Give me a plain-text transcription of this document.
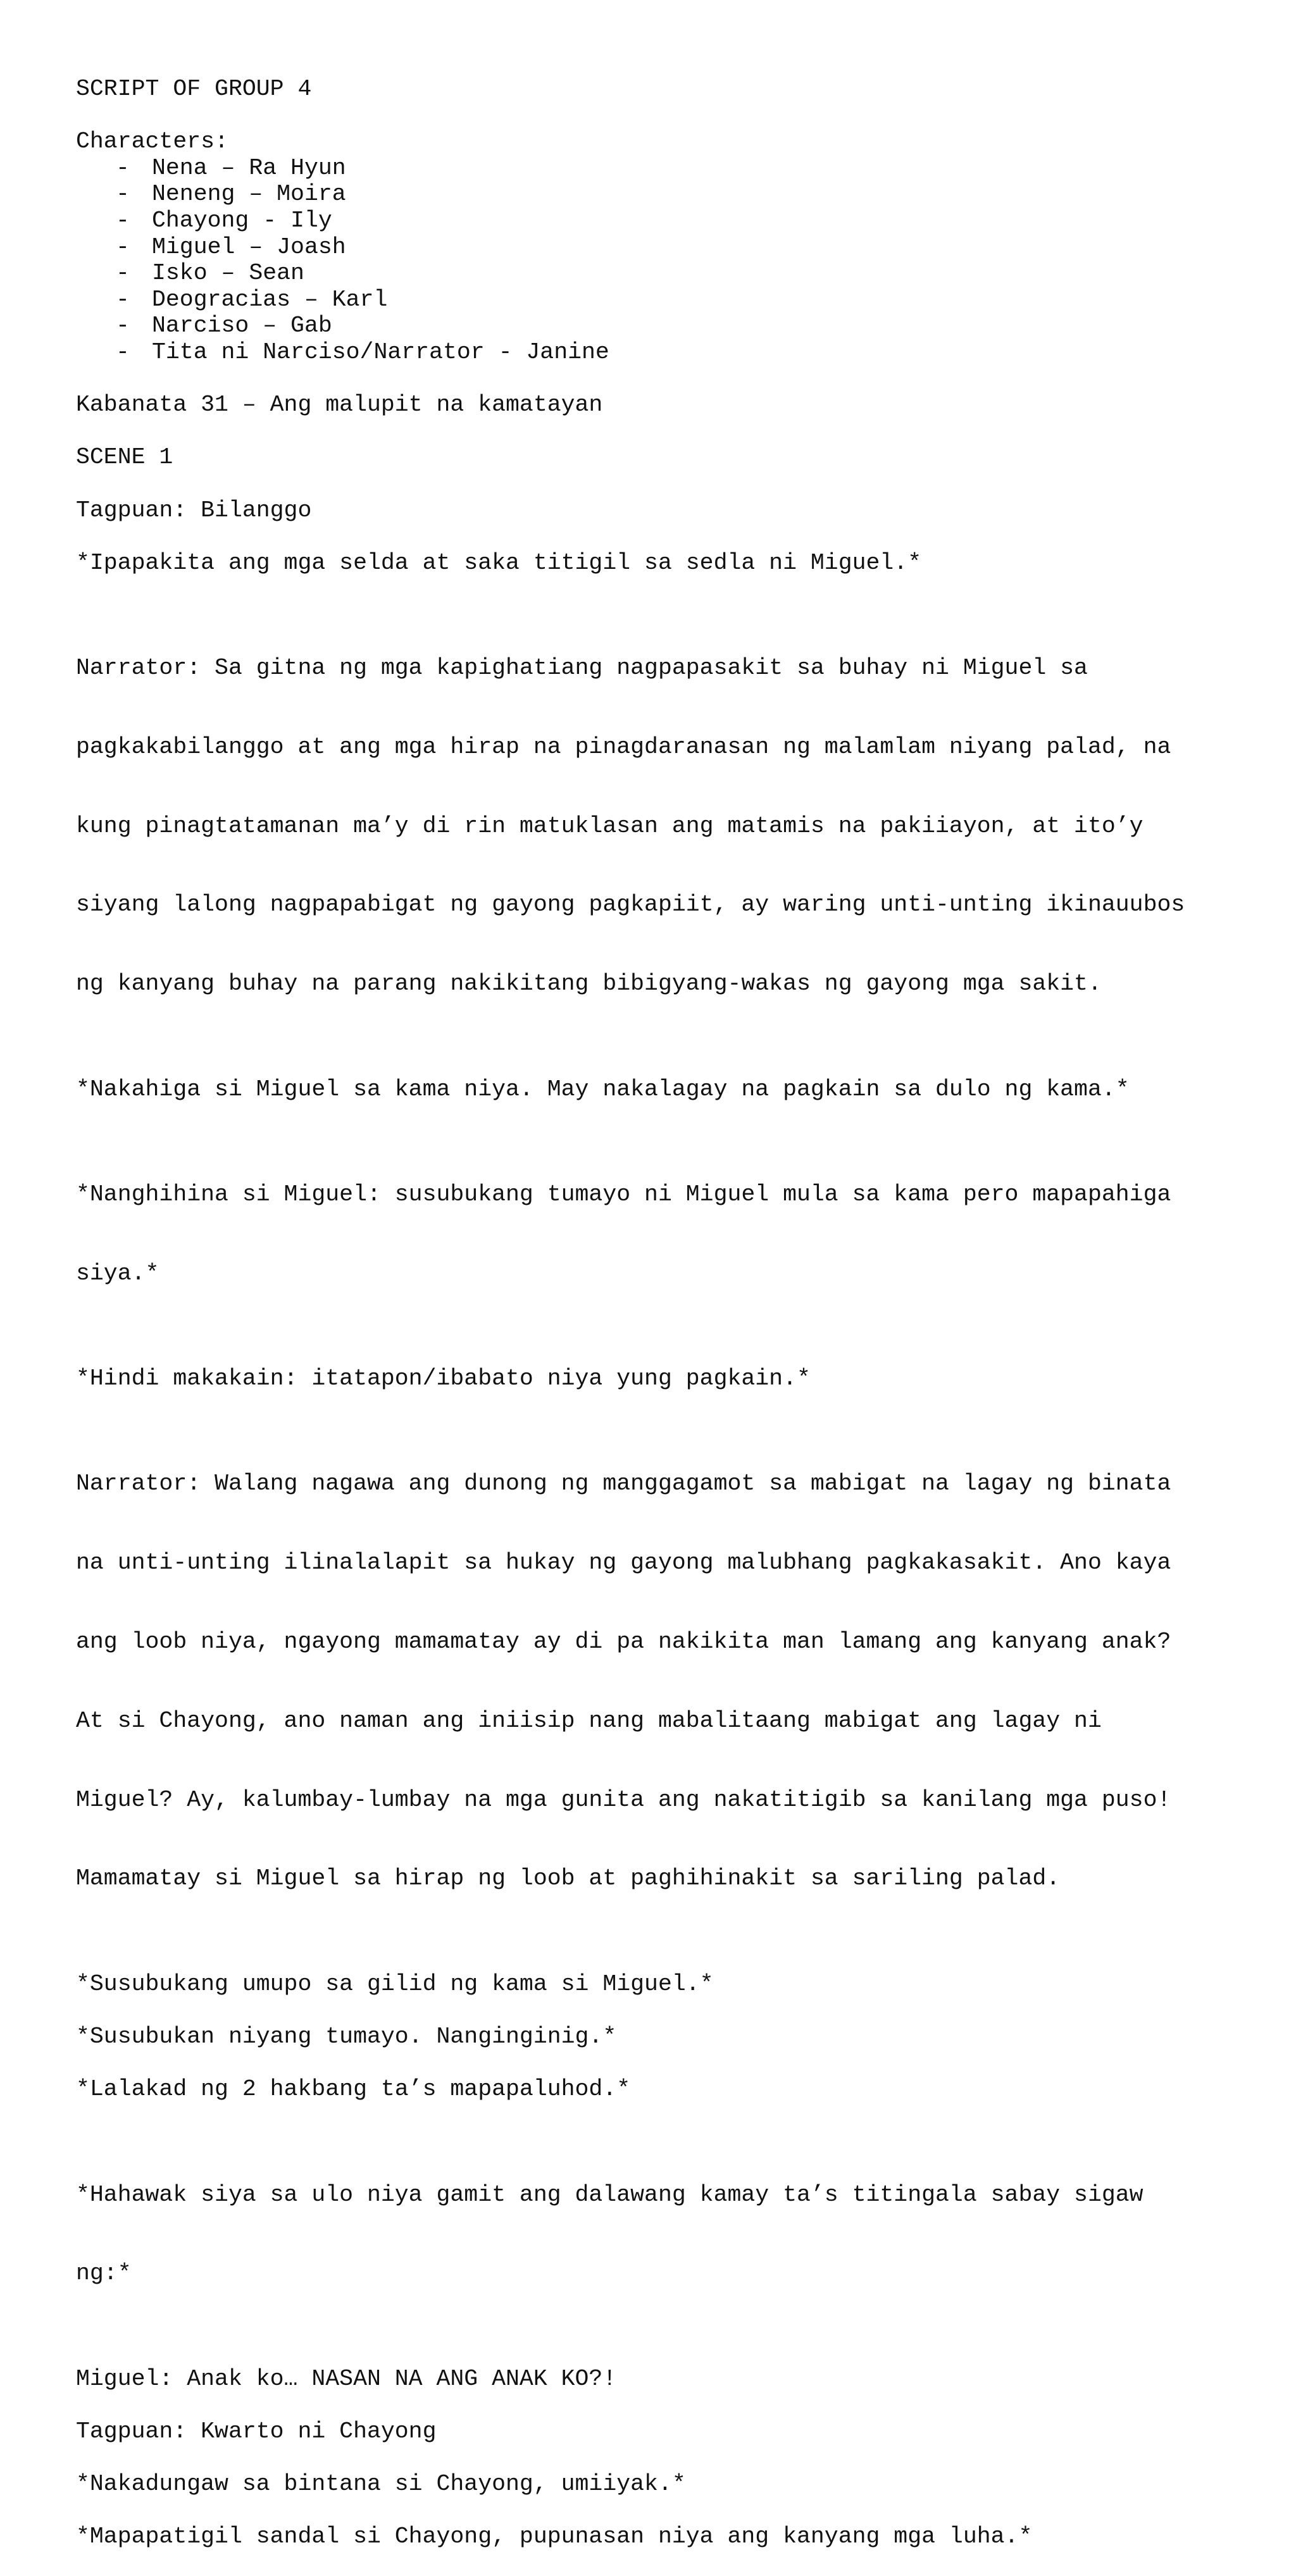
SCRIPT OF GROUP 4
Characters:
- Nena – Ra Hyun
- Neneng – Moira
- Chayong - Ily
- Miguel – Joash
- Isko – Sean
- Deogracias – Karl
- Narciso – Gab
- Tita ni Narciso/Narrator - Janine
Kabanata 31 – Ang malupit na kamatayan
SCENE 1
Tagpuan: Bilanggo
*Ipapakita ang mga selda at saka titigil sa sedla ni Miguel.*

Narrator: Sa gitna ng mga kapighatiang nagpapasakit sa buhay ni Miguel sa

pagkakabilanggo at ang mga hirap na pinagdaranasan ng malamlam niyang palad, na

kung pinagtatamanan ma’y di rin matuklasan ang matamis na pakiiayon, at ito’y

siyang lalong nagpapabigat ng gayong pagkapiit, ay waring unti-unting ikinauubos

ng kanyang buhay na parang nakikitang bibigyang-wakas ng gayong mga sakit.

*Nakahiga si Miguel sa kama niya. May nakalagay na pagkain sa dulo ng kama.*

*Nanghihina si Miguel: susubukang tumayo ni Miguel mula sa kama pero mapapahiga

siya.*

*Hindi makakain: itatapon/ibabato niya yung pagkain.*

Narrator: Walang nagawa ang dunong ng manggagamot sa mabigat na lagay ng binata

na unti-unting ilinalalapit sa hukay ng gayong malubhang pagkakasakit. Ano kaya

ang loob niya, ngayong mamamatay ay di pa nakikita man lamang ang kanyang anak?

At si Chayong, ano naman ang iniisip nang mabalitaang mabigat ang lagay ni

Miguel? Ay, kalumbay-lumbay na mga gunita ang nakatitigib sa kanilang mga puso!

Mamamatay si Miguel sa hirap ng loob at paghihinakit sa sariling palad.

*Susubukang umupo sa gilid ng kama si Miguel.*
*Susubukan niyang tumayo. Nanginginig.*
*Lalakad ng 2 hakbang ta’s mapapaluhod.*

*Hahawak siya sa ulo niya gamit ang dalawang kamay ta’s titingala sabay sigaw

ng:*

Miguel: Anak ko… NASAN NA ANG ANAK KO?!
Tagpuan: Kwarto ni Chayong
*Nakadungaw sa bintana si Chayong, umiiyak.*
*Mapapatigil sandal si Chayong, pupunasan niya ang kanyang mga luha.*
